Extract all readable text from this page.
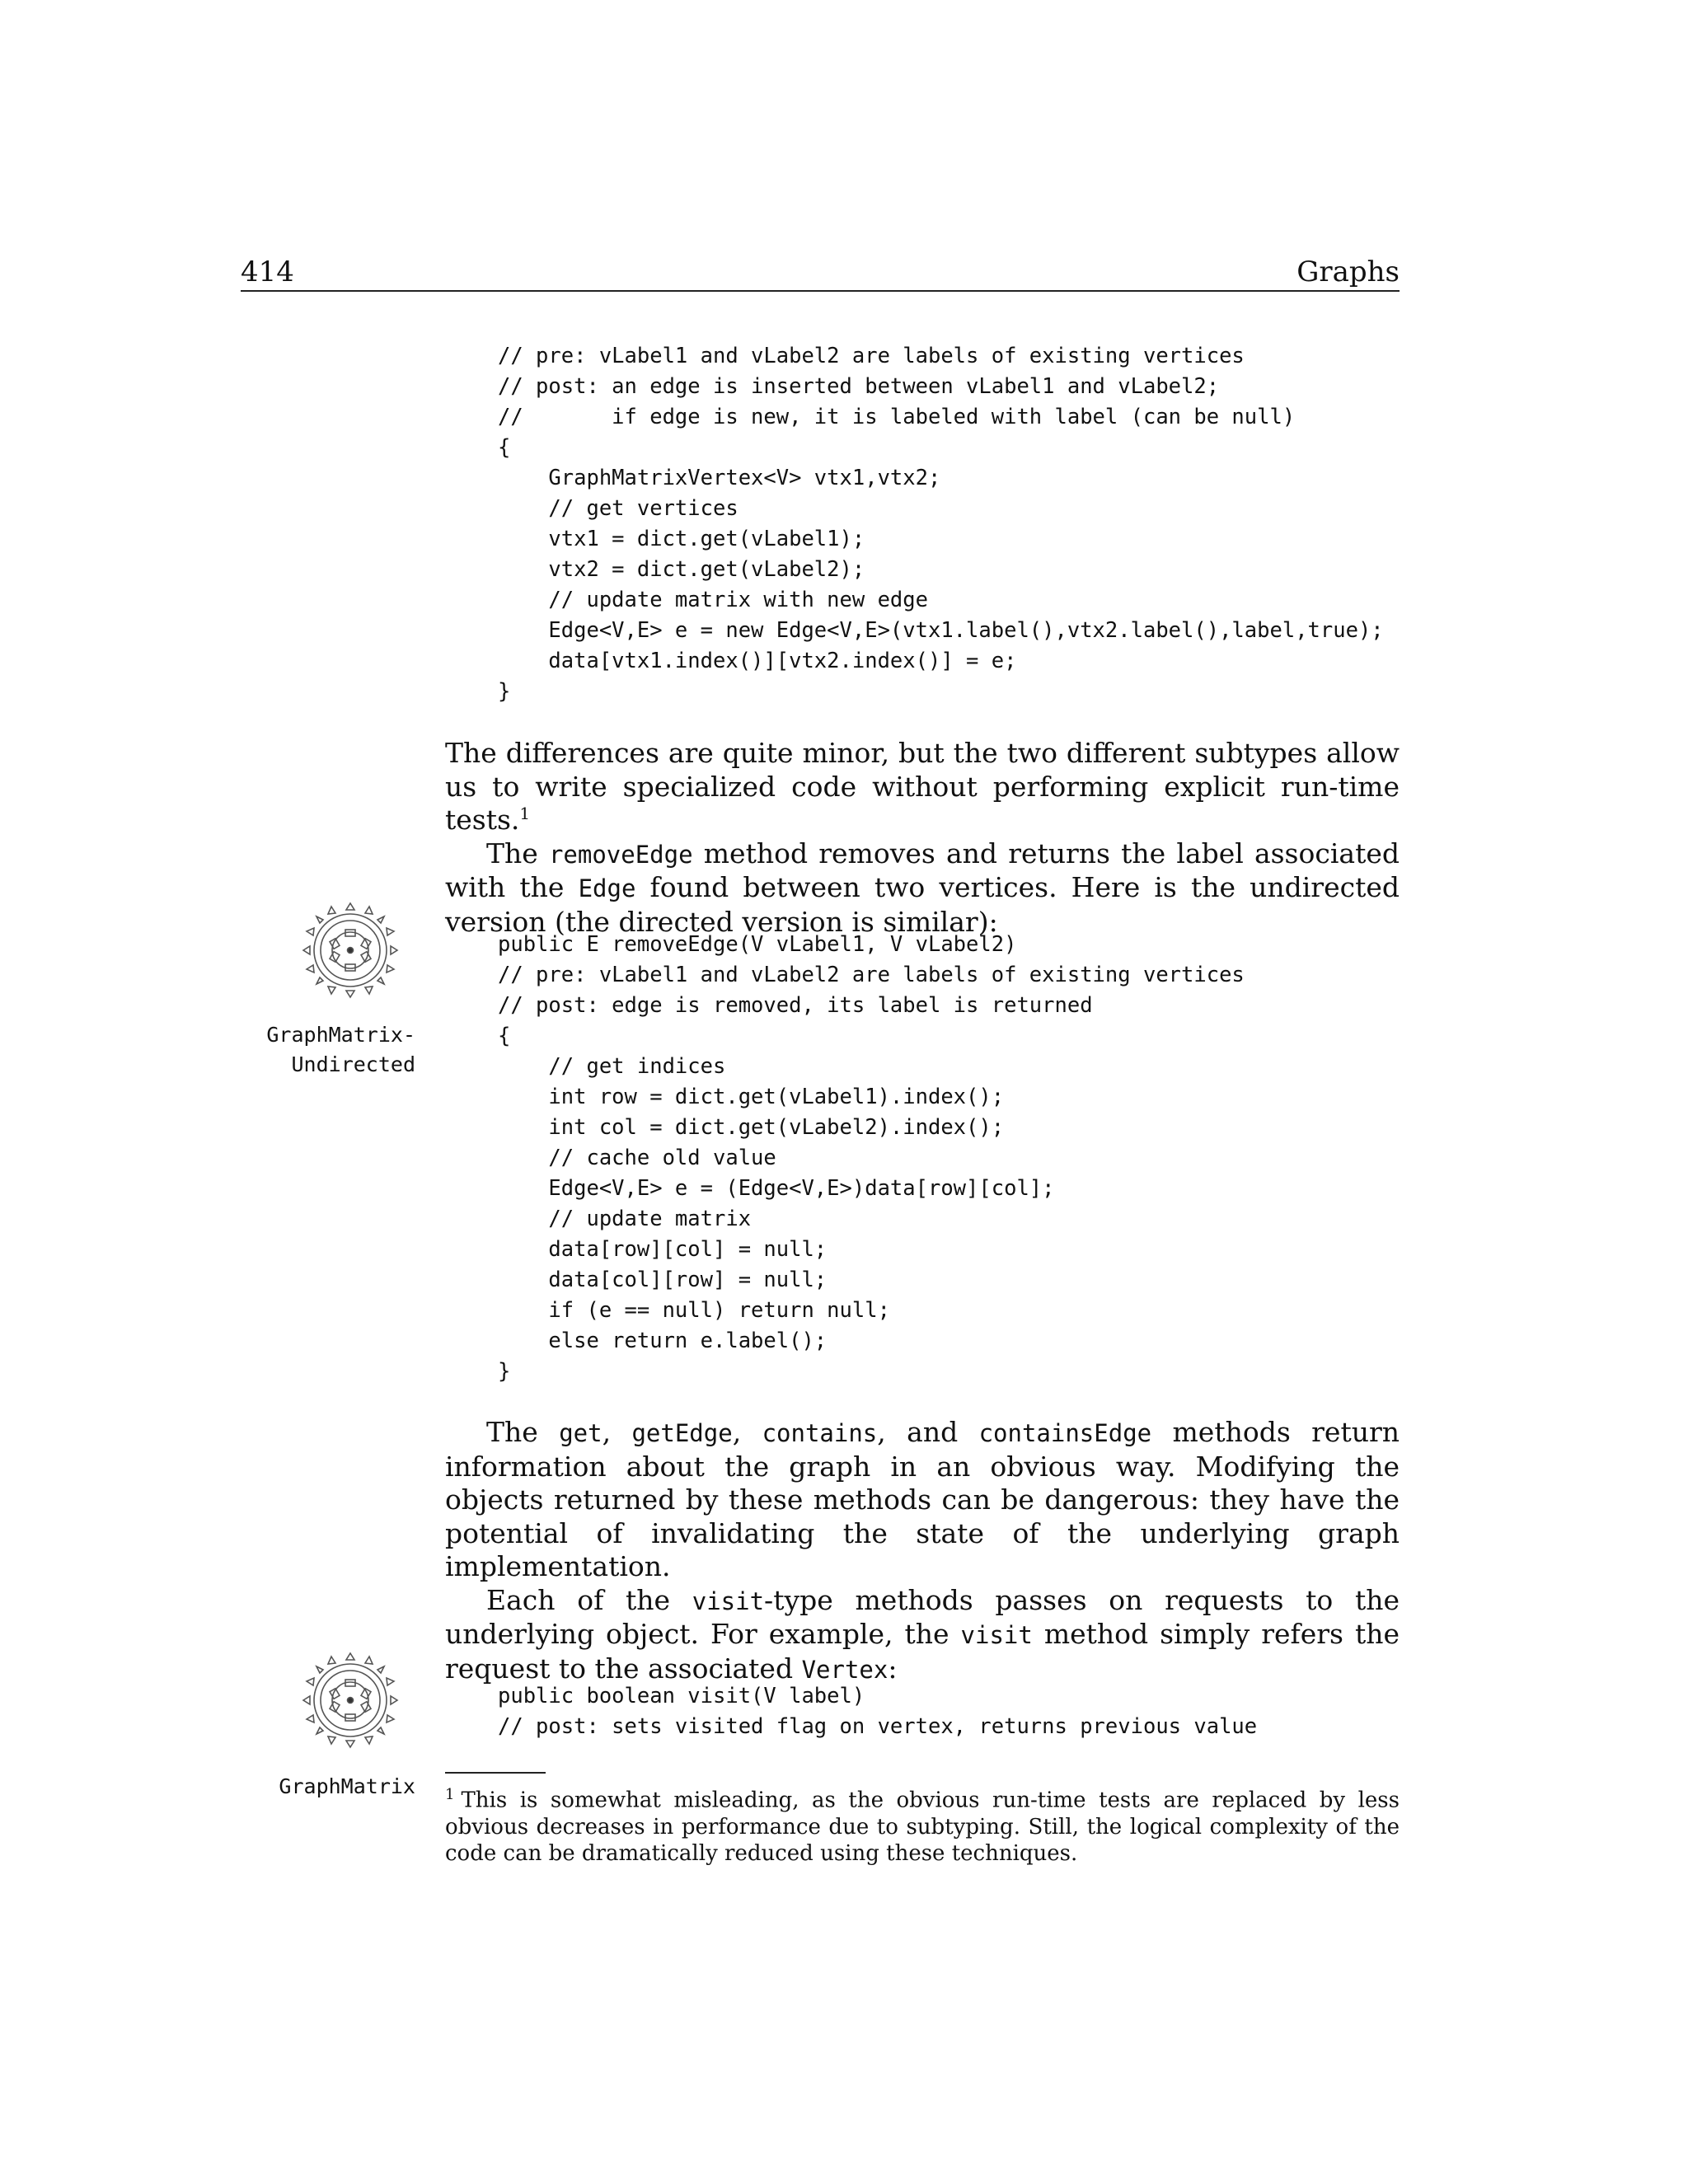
414	Graphs
// pre: vLabel1 and vLabel2 are labels of existing vertices
// post: an edge is inserted between vLabel1 and vLabel2;
//       if edge is new, it is labeled with label (can be null)
{
GraphMatrixVertex<V> vtx1,vtx2;
// get vertices
vtx1 = dict.get(vLabel1);
vtx2 = dict.get(vLabel2);
// update matrix with new edge
Edge<V,E> e = new Edge<V,E>(vtx1.label(),vtx2.label(),label,true);
data[vtx1.index()][vtx2.index()] = e;
}

The differences are quite minor, but the two different subtypes allow us to write specialized code without performing explicit run-time tests.$^1$

The removeEdge method removes and returns the label associated with the Edge found between two vertices. Here is the undirected version (the directed version is similar):

GraphMatrix-
Undirected
public E removeEdge(V vLabel1, V vLabel2)
// pre: vLabel1 and vLabel2 are labels of existing vertices
// post: edge is removed, its label is returned
{
// get indices
int row = dict.get(vLabel1).index();
int col = dict.get(vLabel2).index();
// cache old value
Edge<V,E> e = (Edge<V,E>)data[row][col];
// update matrix
data[row][col] = null;
data[col][row] = null;
if (e == null) return null;
else return e.label();
}

The get, getEdge, contains, and containsEdge methods return information about the graph in an obvious way. Modifying the objects returned by these methods can be dangerous: they have the potential of invalidating the state of the underlying graph implementation.

Each of the visit-type methods passes on requests to the underlying object. For example, the visit method simply refers the request to the associated Vertex:

GraphMatrix
public boolean visit(V label)
// post: sets visited flag on vertex, returns previous value

$^1$ This is somewhat misleading, as the obvious run-time tests are replaced by less obvious decreases in performance due to subtyping. Still, the logical complexity of the code can be dramatically reduced using these techniques.
